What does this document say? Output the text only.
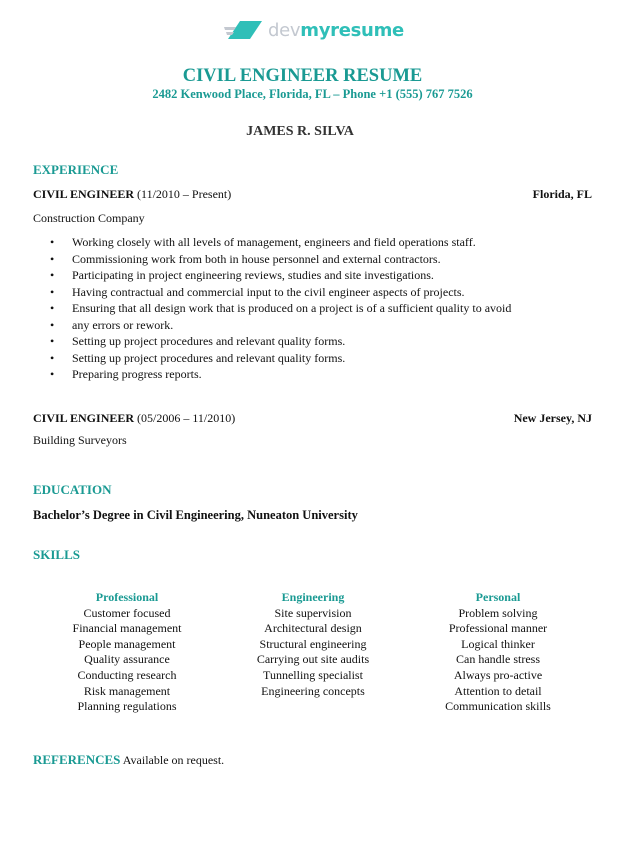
devmyresume
CIVIL ENGINEER RESUME
2482 Kenwood Place, Florida, FL – Phone +1 (555) 767 7526
JAMES R. SILVA
EXPERIENCE
CIVIL ENGINEER (11/2010 – Present)	Florida, FL
Construction Company
• Working closely with all levels of management, engineers and field operations staff.
• Commissioning work from both in house personnel and external contractors.
• Participating in project engineering reviews, studies and site investigations.
• Having contractual and commercial input to the civil engineer aspects of projects.
• Ensuring that all design work that is produced on a project is of a sufficient quality to avoid
• any errors or rework.
• Setting up project procedures and relevant quality forms.
• Setting up project procedures and relevant quality forms.
• Preparing progress reports.
CIVIL ENGINEER (05/2006 – 11/2010)	New Jersey, NJ
Building Surveyors
EDUCATION
Bachelor’s Degree in Civil Engineering, Nuneaton University
SKILLS
Professional
Customer focused
Financial management
People management
Quality assurance
Conducting research
Risk management
Planning regulations
Engineering
Site supervision
Architectural design
Structural engineering
Carrying out site audits
Tunnelling specialist
Engineering concepts
Personal
Problem solving
Professional manner
Logical thinker
Can handle stress
Always pro-active
Attention to detail
Communication skills
REFERENCES Available on request.
